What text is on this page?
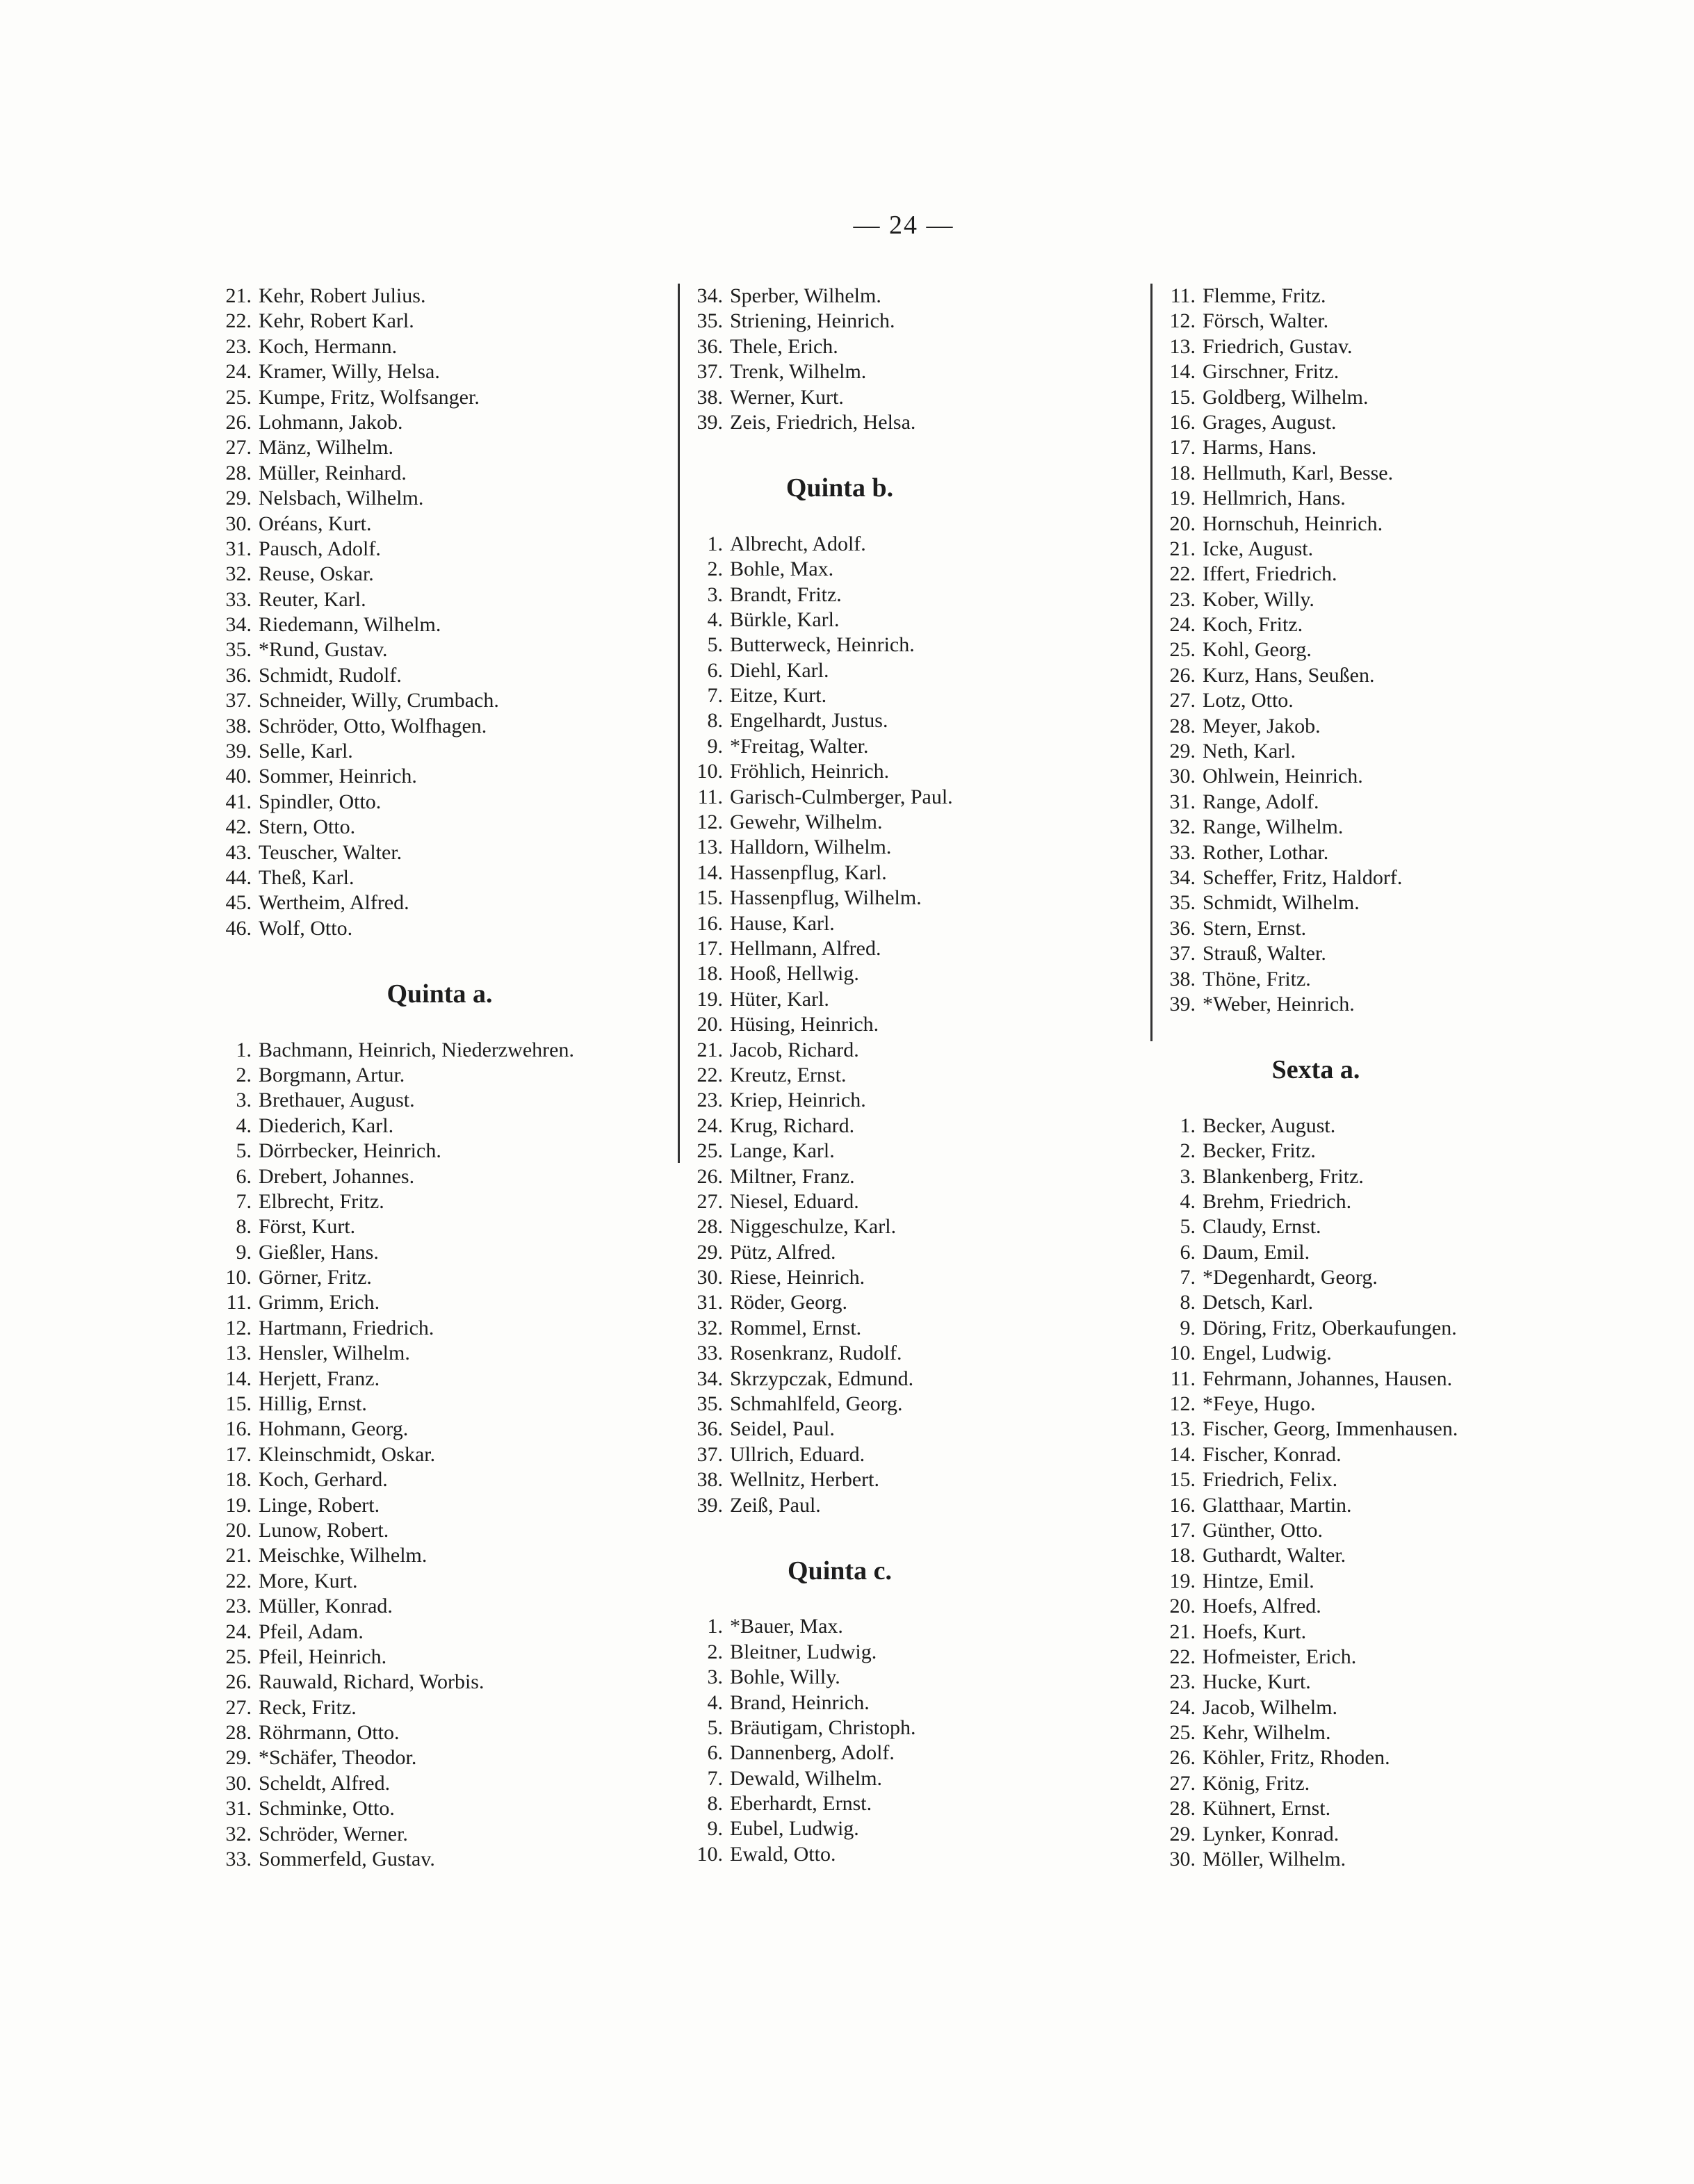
— 24 —
21. Kehr, Robert Julius.
22. Kehr, Robert Karl.
23. Koch, Hermann.
24. Kramer, Willy, Helsa.
25. Kumpe, Fritz, Wolfsanger.
26. Lohmann, Jakob.
27. Mänz, Wilhelm.
28. Müller, Reinhard.
29. Nelsbach, Wilhelm.
30. Oréans, Kurt.
31. Pausch, Adolf.
32. Reuse, Oskar.
33. Reuter, Karl.
34. Riedemann, Wilhelm.
35. *Rund, Gustav.
36. Schmidt, Rudolf.
37. Schneider, Willy, Crumbach.
38. Schröder, Otto, Wolfhagen.
39. Selle, Karl.
40. Sommer, Heinrich.
41. Spindler, Otto.
42. Stern, Otto.
43. Teuscher, Walter.
44. Theß, Karl.
45. Wertheim, Alfred.
46. Wolf, Otto.
Quinta a.
1. Bachmann, Heinrich, Niederzwehren.
2. Borgmann, Artur.
3. Brethauer, August.
4. Diederich, Karl.
5. Dörrbecker, Heinrich.
6. Drebert, Johannes.
7. Elbrecht, Fritz.
8. Först, Kurt.
9. Gießler, Hans.
10. Görner, Fritz.
11. Grimm, Erich.
12. Hartmann, Friedrich.
13. Hensler, Wilhelm.
14. Herjett, Franz.
15. Hillig, Ernst.
16. Hohmann, Georg.
17. Kleinschmidt, Oskar.
18. Koch, Gerhard.
19. Linge, Robert.
20. Lunow, Robert.
21. Meischke, Wilhelm.
22. More, Kurt.
23. Müller, Konrad.
24. Pfeil, Adam.
25. Pfeil, Heinrich.
26. Rauwald, Richard, Worbis.
27. Reck, Fritz.
28. Röhrmann, Otto.
29. *Schäfer, Theodor.
30. Scheldt, Alfred.
31. Schminke, Otto.
32. Schröder, Werner.
33. Sommerfeld, Gustav.
34. Sperber, Wilhelm.
35. Striening, Heinrich.
36. Thele, Erich.
37. Trenk, Wilhelm.
38. Werner, Kurt.
39. Zeis, Friedrich, Helsa.
Quinta b.
1. Albrecht, Adolf.
2. Bohle, Max.
3. Brandt, Fritz.
4. Bürkle, Karl.
5. Butterweck, Heinrich.
6. Diehl, Karl.
7. Eitze, Kurt.
8. Engelhardt, Justus.
9. *Freitag, Walter.
10. Fröhlich, Heinrich.
11. Garisch-Culmberger, Paul.
12. Gewehr, Wilhelm.
13. Halldorn, Wilhelm.
14. Hassenpflug, Karl.
15. Hassenpflug, Wilhelm.
16. Hause, Karl.
17. Hellmann, Alfred.
18. Hooß, Hellwig.
19. Hüter, Karl.
20. Hüsing, Heinrich.
21. Jacob, Richard.
22. Kreutz, Ernst.
23. Kriep, Heinrich.
24. Krug, Richard.
25. Lange, Karl.
26. Miltner, Franz.
27. Niesel, Eduard.
28. Niggeschulze, Karl.
29. Pütz, Alfred.
30. Riese, Heinrich.
31. Röder, Georg.
32. Rommel, Ernst.
33. Rosenkranz, Rudolf.
34. Skrzypczak, Edmund.
35. Schmahlfeld, Georg.
36. Seidel, Paul.
37. Ullrich, Eduard.
38. Wellnitz, Herbert.
39. Zeiß, Paul.
Quinta c.
1. *Bauer, Max.
2. Bleitner, Ludwig.
3. Bohle, Willy.
4. Brand, Heinrich.
5. Bräutigam, Christoph.
6. Dannenberg, Adolf.
7. Dewald, Wilhelm.
8. Eberhardt, Ernst.
9. Eubel, Ludwig.
10. Ewald, Otto.
11. Flemme, Fritz.
12. Försch, Walter.
13. Friedrich, Gustav.
14. Girschner, Fritz.
15. Goldberg, Wilhelm.
16. Grages, August.
17. Harms, Hans.
18. Hellmuth, Karl, Besse.
19. Hellmrich, Hans.
20. Hornschuh, Heinrich.
21. Icke, August.
22. Iffert, Friedrich.
23. Kober, Willy.
24. Koch, Fritz.
25. Kohl, Georg.
26. Kurz, Hans, Seußen.
27. Lotz, Otto.
28. Meyer, Jakob.
29. Neth, Karl.
30. Ohlwein, Heinrich.
31. Range, Adolf.
32. Range, Wilhelm.
33. Rother, Lothar.
34. Scheffer, Fritz, Haldorf.
35. Schmidt, Wilhelm.
36. Stern, Ernst.
37. Strauß, Walter.
38. Thöne, Fritz.
39. *Weber, Heinrich.
Sexta a.
1. Becker, August.
2. Becker, Fritz.
3. Blankenberg, Fritz.
4. Brehm, Friedrich.
5. Claudy, Ernst.
6. Daum, Emil.
7. *Degenhardt, Georg.
8. Detsch, Karl.
9. Döring, Fritz, Oberkaufungen.
10. Engel, Ludwig.
11. Fehrmann, Johannes, Hausen.
12. *Feye, Hugo.
13. Fischer, Georg, Immenhausen.
14. Fischer, Konrad.
15. Friedrich, Felix.
16. Glatthaar, Martin.
17. Günther, Otto.
18. Guthardt, Walter.
19. Hintze, Emil.
20. Hoefs, Alfred.
21. Hoefs, Kurt.
22. Hofmeister, Erich.
23. Hucke, Kurt.
24. Jacob, Wilhelm.
25. Kehr, Wilhelm.
26. Köhler, Fritz, Rhoden.
27. König, Fritz.
28. Kühnert, Ernst.
29. Lynker, Konrad.
30. Möller, Wilhelm.
